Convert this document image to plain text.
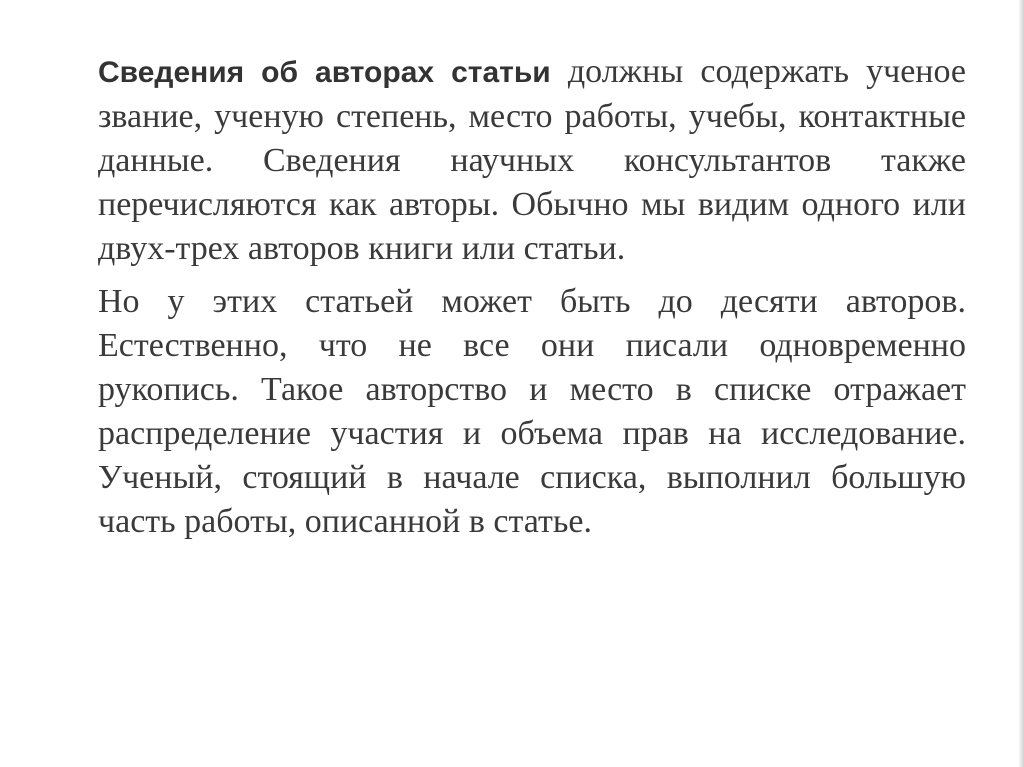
Сведения об авторах статьи должны содержать ученое звание, ученую степень, место работы, учебы, контактные данные. Сведения научных консультантов также перечисляются как авторы. Обычно мы видим одного или двух-трех авторов книги или статьи.

Но у этих статьей может быть до десяти авторов. Естественно, что не все они писали одновременно рукопись. Такое авторство и место в списке отражает распределение участия и объема прав на исследование. Ученый, стоящий в начале списка, выполнил большую часть работы, описанной в статье.
